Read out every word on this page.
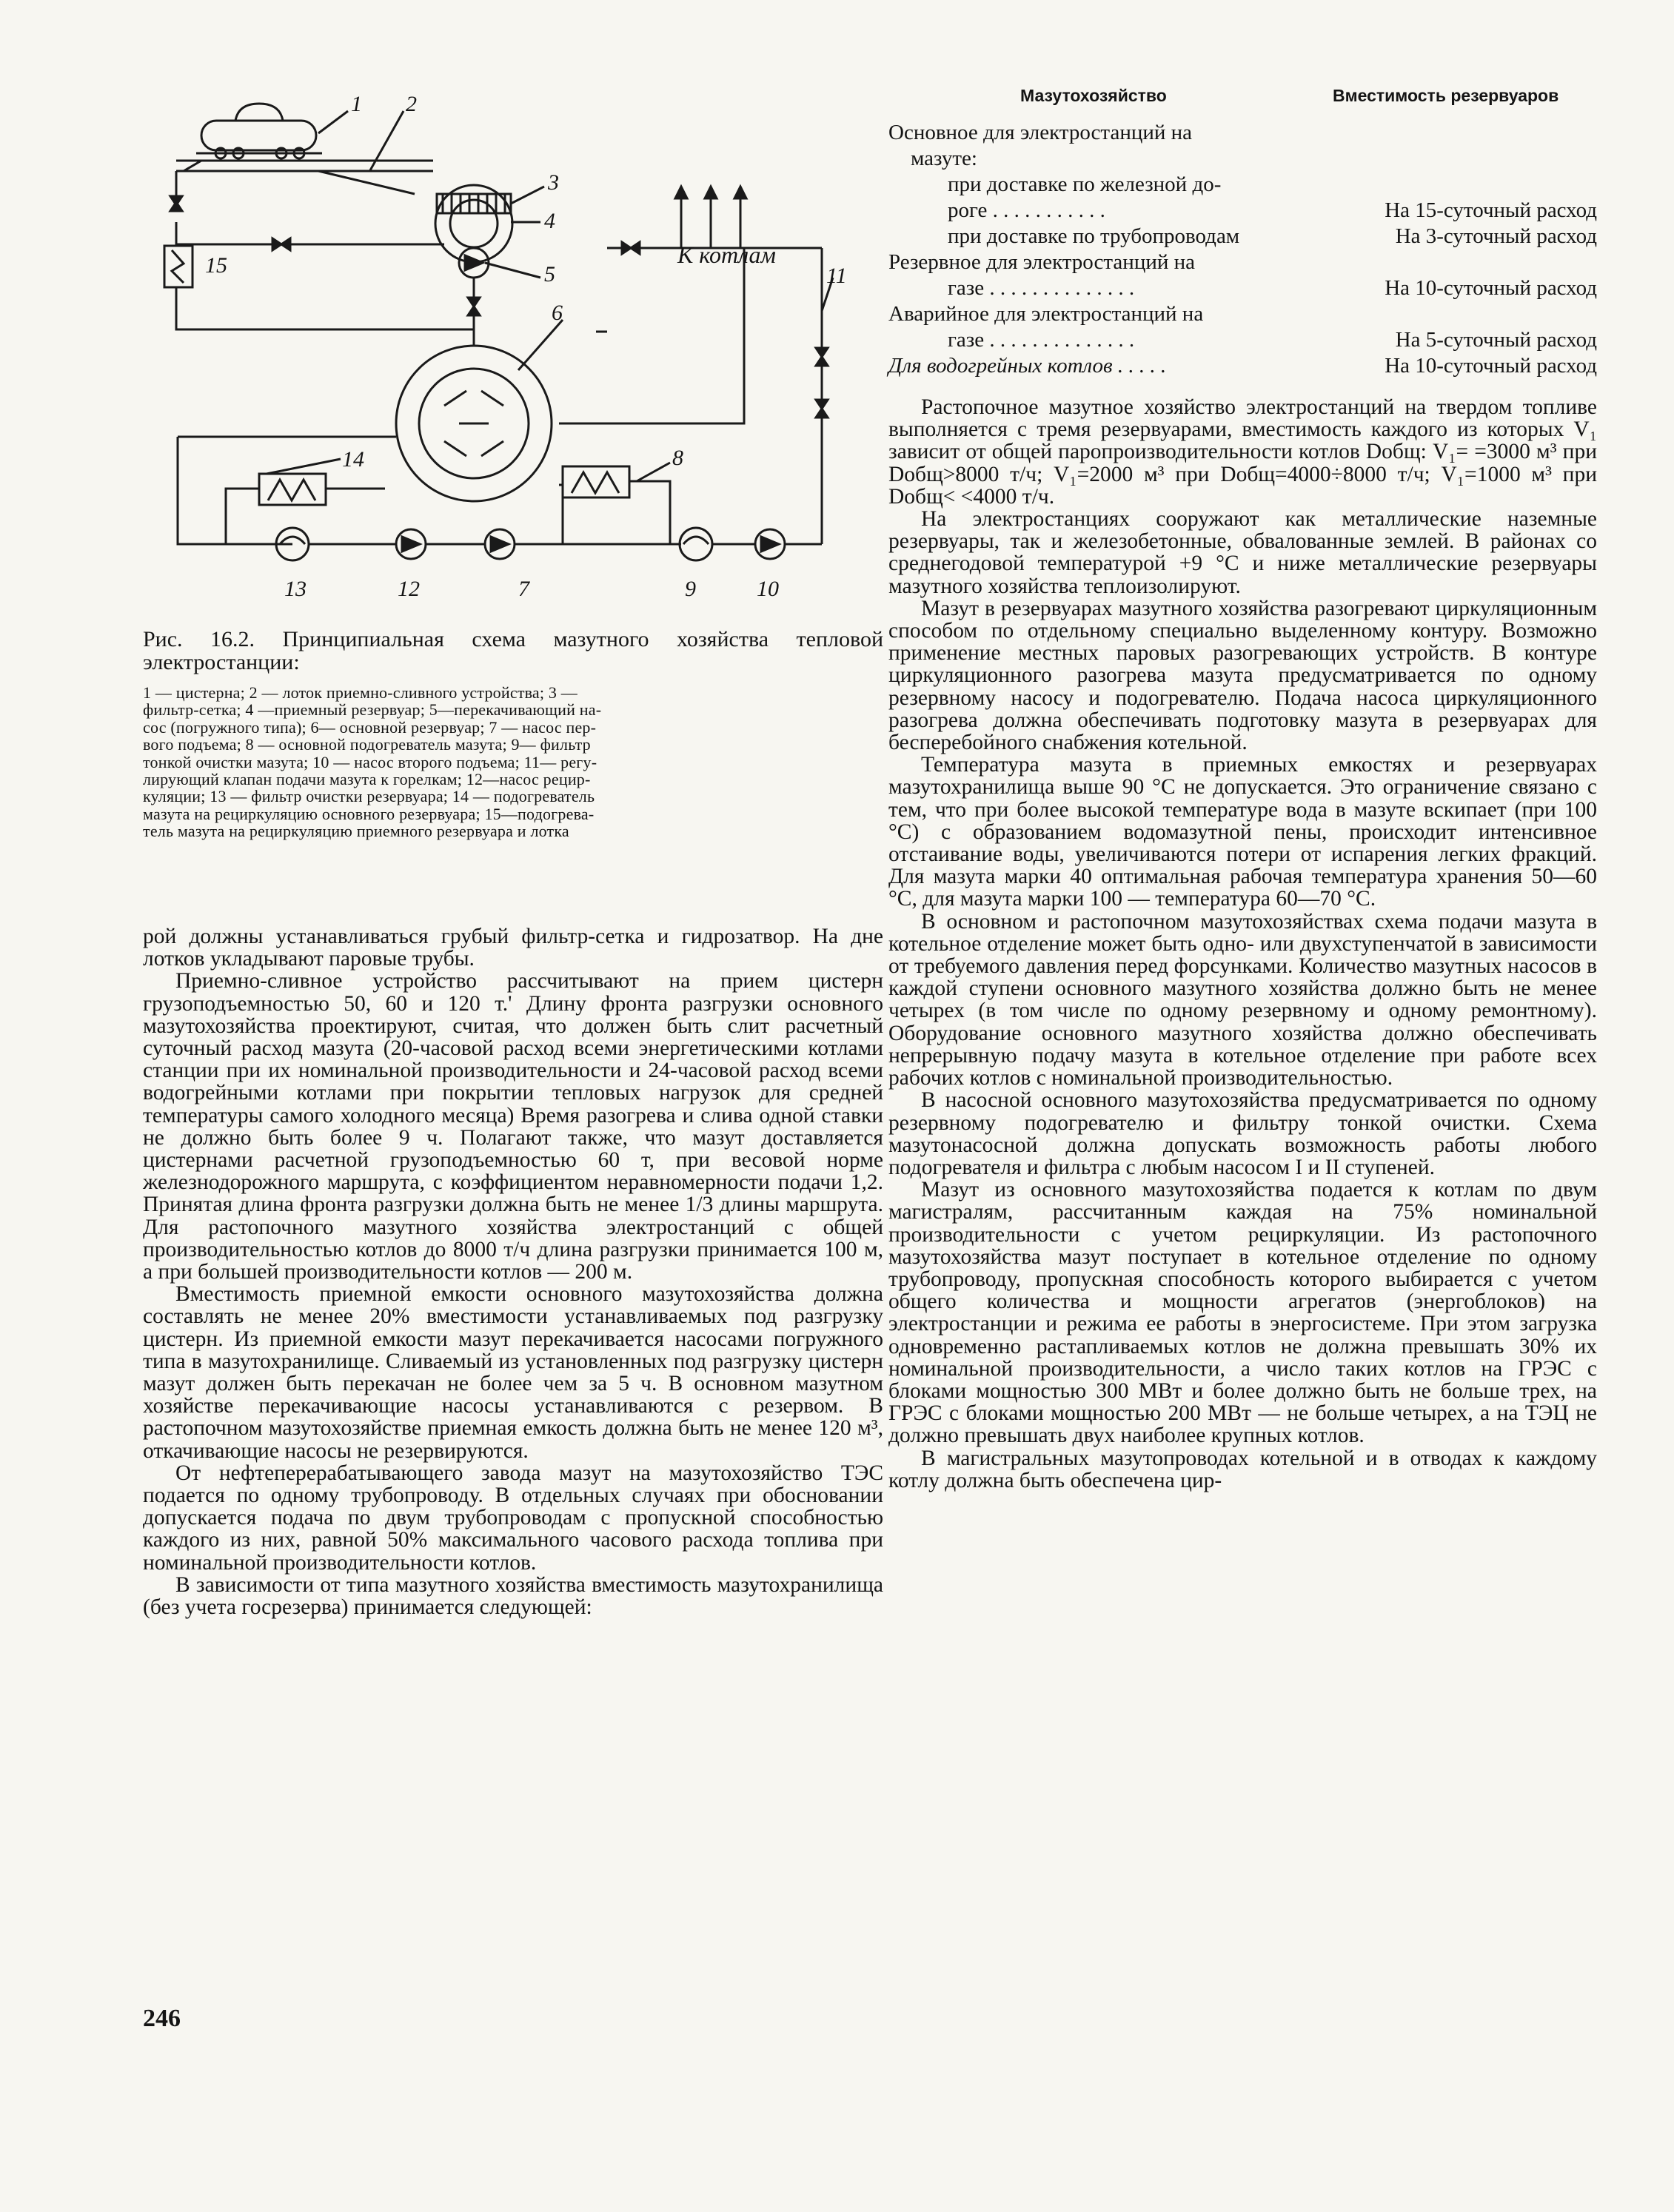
Мазутохозяйство	Вместимость резервуаров
1 2
3
4
5
6
8
9	10
11
12
13
14
15
7
К котлам
Рис. 16.2. Принципиальная схема мазутного хозяйства тепловой электростанции:
1 — цистерна; 2 — лоток приемно-сливного устройства; 3 —
фильтр-сетка; 4 —приемный резервуар; 5—перекачивающий на-
сос (погружного типа); 6— основной резервуар; 7 — насос пер-
вого подъема; 8 — основной подогреватель мазута; 9— фильтр
тонкой очистки мазута; 10 — насос второго подъема; 11— регу-
лирующий клапан подачи мазута к горелкам; 12—насос рецир-
куляции; 13 — фильтр очистки резервуара; 14 — подогреватель
мазута на рециркуляцию основного резервуара; 15—подогрева-
тель мазута на рециркуляцию приемного резервуара и лотка

рой должны устанавливаться грубый фильтр-сетка и гидрозатвор. На дне лотков укладывают паровые трубы.

Приемно-сливное устройство рассчитывают на прием цистерн грузоподъемностью 50, 60 и 120 т.' Длину фронта разгрузки основного мазутохозяйства проектируют, считая, что должен быть слит расчетный суточный расход мазута (20-часовой расход всеми энергетическими котлами станции при их номинальной производительности и 24-часовой расход всеми водогрейными котлами при покрытии тепловых нагрузок для средней температуры самого холодного месяца) Время разогрева и слива одной ставки не должно быть более 9 ч. Полагают также, что мазут доставляется цистернами расчетной грузоподъемностью 60 т, при весовой норме железнодорожного маршрута, с коэффициентом неравномерности подачи 1,2. Принятая длина фронта разгрузки должна быть не менее 1/3 длины маршрута. Для растопочного мазутного хозяйства электростанций с общей производительностью котлов до 8000 т/ч длина разгрузки принимается 100 м, а при большей производительности котлов — 200 м.

Вместимость приемной емкости основного мазутохозяйства должна составлять не менее 20% вместимости устанавливаемых под разгрузку цистерн. Из приемной емкости мазут перекачивается насосами погружного типа в мазутохранилище. Сливаемый из установленных под разгрузку цистерн мазут должен быть перекачан не более чем за 5 ч. В основном мазутном хозяйстве перекачивающие насосы устанавливаются с резервом. В растопочном мазутохозяйстве приемная емкость должна быть не менее 120 м³, откачивающие насосы не резервируются.

От нефтеперерабатывающего завода мазут на мазутохозяйство ТЭС подается по одному трубопроводу. В отдельных случаях при обосновании допускается подача по двум трубопроводам с пропускной способностью каждого из них, равной 50% максимального часового расхода топлива при номинальной производительности котлов.

В зависимости от типа мазутного хозяйства вместимость мазутохранилища (без учета госрезерва) принимается следующей:

246
Основное для электростанций на
мазуте:
при доставке по железной до-
роге . . . . . . . . . . .	На 15-суточный расход
при доставке по трубопроводам	На 3-суточный расход
Резервное для электростанций на
газе . . . . . . . . . . . . . .	На 10-суточный расход
Аварийное для электростанций на
газе . . . . . . . . . . . . . .	На 5-суточный расход
Для водогрейных котлов . . . . .	На 10-суточный расход

Растопочное мазутное хозяйство электростанций на твердом топливе выполняется с тремя резервуарами, вместимость каждого из которых V₁ зависит от общей паропроизводительности котлов Dобщ: V₁= =3000 м³ при Dобщ>8000 т/ч; V₁=2000 м³ при Dобщ=4000÷8000 т/ч; V₁=1000 м³ при Dобщ< <4000 т/ч.

На электростанциях сооружают как металлические наземные резервуары, так и железобетонные, обвалованные землей. В районах со среднегодовой температурой +9 °С и ниже металлические резервуары мазутного хозяйства теплоизолируют.

Мазут в резервуарах мазутного хозяйства разогревают циркуляционным способом по отдельному специально выделенному контуру. Возможно применение местных паровых разогревающих устройств. В контуре циркуляционного разогрева мазута предусматривается по одному резервному насосу и подогревателю. Подача насоса циркуляционного разогрева должна обеспечивать подготовку мазута в резервуарах для бесперебойного снабжения котельной.

Температура мазута в приемных емкостях и резервуарах мазутохранилища выше 90 °С не допускается. Это ограничение связано с тем, что при более высокой температуре вода в мазуте вскипает (при 100 °С) с образованием водомазутной пены, происходит интенсивное отстаивание воды, увеличиваются потери от испарения легких фракций. Для мазута марки 40 оптимальная рабочая температура хранения 50—60 °С, для мазута марки 100 — температура 60—70 °С.

В основном и растопочном мазутохозяйствах схема подачи мазута в котельное отделение может быть одно- или двухступенчатой в зависимости от требуемого давления перед форсунками. Количество мазутных насосов в каждой ступени основного мазутного хозяйства должно быть не менее четырех (в том числе по одному резервному и одному ремонтному). Оборудование основного мазутного хозяйства должно обеспечивать непрерывную подачу мазута в котельное отделение при работе всех рабочих котлов с номинальной производительностью.

В насосной основного мазутохозяйства предусматривается по одному резервному подогревателю и фильтру тонкой очистки. Схема мазутонасосной должна допускать возможность работы любого подогревателя и фильтра с любым насосом I и II ступеней.

Мазут из основного мазутохозяйства подается к котлам по двум магистралям, рассчитанным каждая на 75% номинальной производительности с учетом рециркуляции. Из растопочного мазутохозяйства мазут поступает в котельное отделение по одному трубопроводу, пропускная способность которого выбирается с учетом общего количества и мощности агрегатов (энергоблоков) на электростанции и режима ее работы в энергосистеме. При этом загрузка одновременно растапливаемых котлов не должна превышать 30% их номинальной производительности, а число таких котлов на ГРЭС с блоками мощностью 300 МВт и более должно быть не больше трех, на ГРЭС с блоками мощностью 200 МВт — не больше четырех, а на ТЭЦ не должно превышать двух наиболее крупных котлов.

В магистральных мазутопроводах котельной и в отводах к каждому котлу должна быть обеспечена цир-
